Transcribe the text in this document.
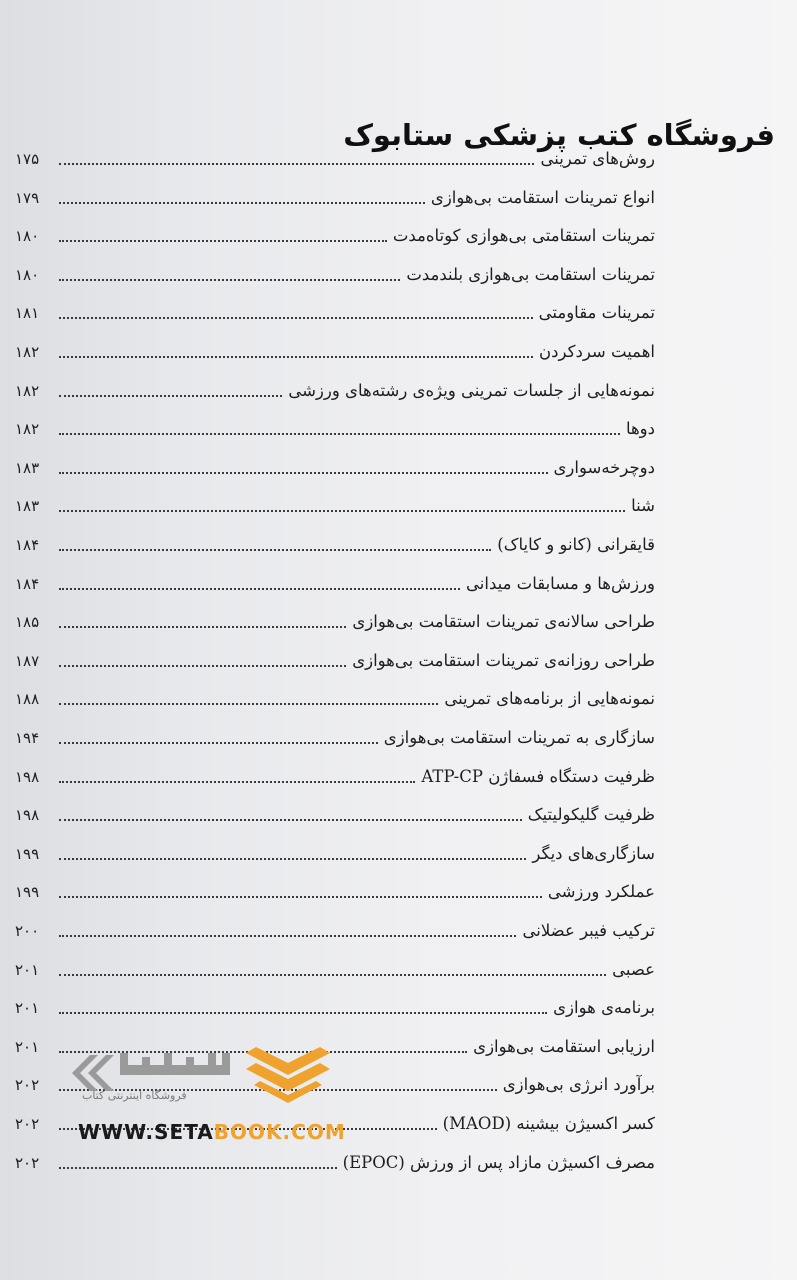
فروشگاه کتب پزشکی ستابوک
روش‌های تمرینی
۱۷۵
انواع تمرینات استقامت بی‌هوازی
۱۷۹
تمرینات استقامتی بی‌هوازی کوتاه‌مدت
۱۸۰
تمرینات استقامت بی‌هوازی بلندمدت
۱۸۰
تمرینات مقاومتی
۱۸۱
اهمیت سردکردن
۱۸۲
نمونه‌هایی از جلسات تمرینی ویژه‌ی رشته‌های ورزشی
۱۸۲
دوها
۱۸۲
دوچرخه‌سواری
۱۸۳
شنا
۱۸۳
قایقرانی (کانو و کایاک)
۱۸۴
ورزش‌ها و مسابقات میدانی
۱۸۴
طراحی سالانه‌ی تمرینات استقامت بی‌هوازی
۱۸۵
طراحی روزانه‌ی تمرینات استقامت بی‌هوازی
۱۸۷
نمونه‌هایی از برنامه‌های تمرینی
۱۸۸
سازگاری به تمرینات استقامت بی‌هوازی
۱۹۴
ظرفیت دستگاه فسفاژن ATP-CP
۱۹۸
ظرفیت گلیکولیتیک
۱۹۸
سازگاری‌های دیگر
۱۹۹
عملکرد ورزشی
۱۹۹
ترکیب فیبر عضلانی
۲۰۰
عصبی
۲۰۱
برنامه‌ی هوازی
۲۰۱
ارزیابی استقامت بی‌هوازی
۲۰۱
برآورد انرژی بی‌هوازی
۲۰۲
کسر اکسیژن بیشینه (MAOD)
۲۰۲
مصرف اکسیژن مازاد پس از ورزش (EPOC)
۲۰۲
فروشگاه اینترنتی کتاب
WWW.SETABOOK.COM
